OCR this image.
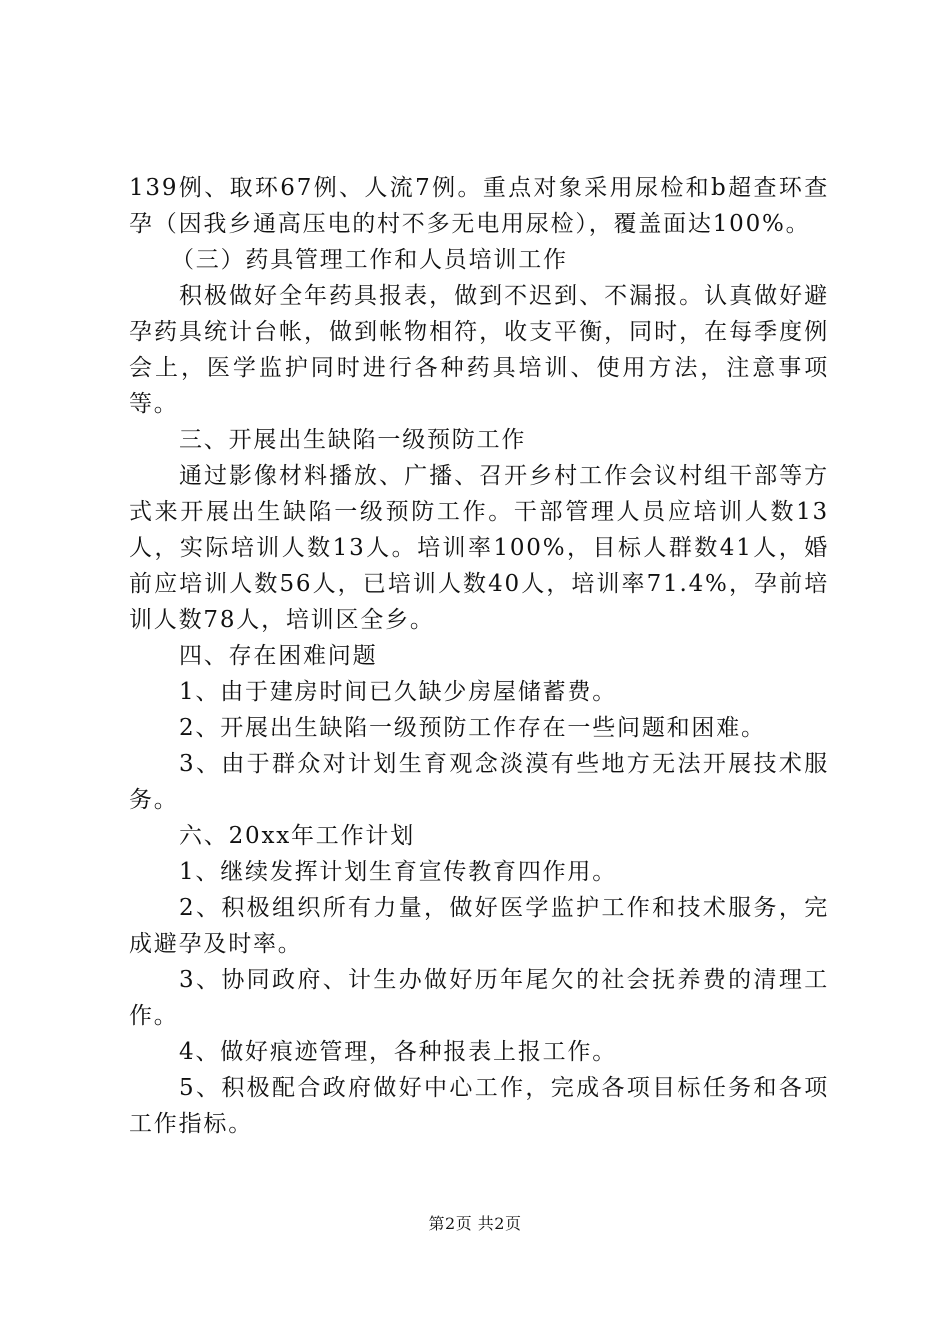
139例、取环67例、人流7例。重点对象采用尿检和b超查环查孕（因我乡通高压电的村不多无电用尿检），覆盖面达100%。

（三）药具管理工作和人员培训工作

积极做好全年药具报表，做到不迟到、不漏报。认真做好避孕药具统计台帐，做到帐物相符，收支平衡，同时，在每季度例会上，医学监护同时进行各种药具培训、使用方法，注意事项等。

三、开展出生缺陷一级预防工作

通过影像材料播放、广播、召开乡村工作会议村组干部等方式来开展出生缺陷一级预防工作。干部管理人员应培训人数13人，实际培训人数13人。培训率100%，目标人群数41人，婚前应培训人数56人，已培训人数40人，培训率71.4%，孕前培训人数78人，培训区全乡。

四、存在困难问题

1、由于建房时间已久缺少房屋储蓄费。

2、开展出生缺陷一级预防工作存在一些问题和困难。

3、由于群众对计划生育观念淡漠有些地方无法开展技术服务。

六、20xx年工作计划

1、继续发挥计划生育宣传教育四作用。

2、积极组织所有力量，做好医学监护工作和技术服务，完成避孕及时率。

3、协同政府、计生办做好历年尾欠的社会抚养费的清理工作。

4、做好痕迹管理，各种报表上报工作。

5、积极配合政府做好中心工作，完成各项目标任务和各项工作指标。

第2页 共2页
